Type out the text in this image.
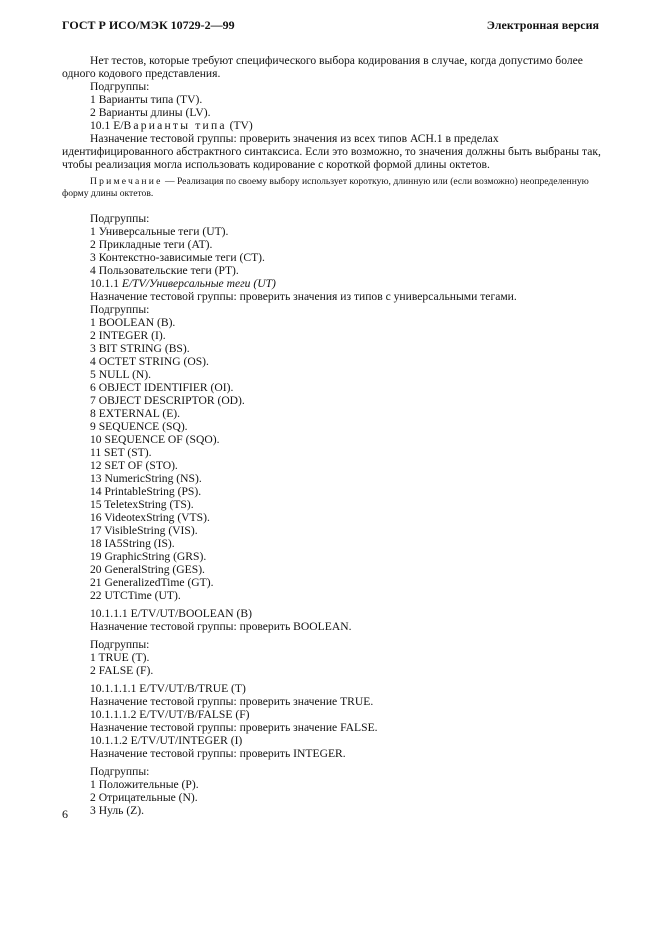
ГОСТ Р ИСО/МЭК 10729-2—99	Электронная версия

Нет тестов, которые требуют специфического выбора кодирования в случае, когда допустимо более одного кодового представления.

Подгруппы:

1 Варианты типа (TV).

2 Варианты длины (LV).

10.1 E/Варианты типа (TV)

Назначение тестовой группы: проверить значения из всех типов АСН.1 в пределах идентифицированного абстрактного синтаксиса. Если это возможно, то значения должны быть выбраны так, чтобы реализация могла использовать кодирование с короткой формой длины октетов.

Примечание — Реализация по своему выбору использует короткую, длинную или (если возможно) неопределенную форму длины октетов.

Подгруппы:

1 Универсальные теги (UT).

2 Прикладные теги (AT).

3 Контекстно-зависимые теги (CT).

4 Пользовательские теги (PT).

10.1.1 E/TV/Универсальные теги (UT)

Назначение тестовой группы: проверить значения из типов с универсальными тегами.

Подгруппы:

1 BOOLEAN (B).

2 INTEGER (I).

3 BIT STRING (BS).

4 OCTET STRING (OS).

5 NULL (N).

6 OBJECT IDENTIFIER (OI).

7 OBJECT DESCRIPTOR (OD).

8 EXTERNAL (E).

9 SEQUENCE (SQ).

10 SEQUENCE OF (SQO).

11 SET (ST).

12 SET OF (STO).

13 NumericString (NS).

14 PrintableString (PS).

15 TeletexString (TS).

16 VideotexString (VTS).

17 VisibleString (VIS).

18 IA5String (IS).

19 GraphicString (GRS).

20 GeneralString (GES).

21 GeneralizedTime (GT).

22 UTCTime (UT).

10.1.1.1 E/TV/UT/BOOLEAN (B)

Назначение тестовой группы: проверить BOOLEAN.

Подгруппы:

1 TRUE (T).

2 FALSE (F).

10.1.1.1.1 E/TV/UT/B/TRUE (T)

Назначение тестовой группы: проверить значение TRUE.

10.1.1.1.2 E/TV/UT/B/FALSE (F)

Назначение тестовой группы: проверить значение FALSE.

10.1.1.2 E/TV/UT/INTEGER (I)

Назначение тестовой группы: проверить INTEGER.

Подгруппы:

1 Положительные (P).

2 Отрицательные (N).

3 Нуль (Z).

6
